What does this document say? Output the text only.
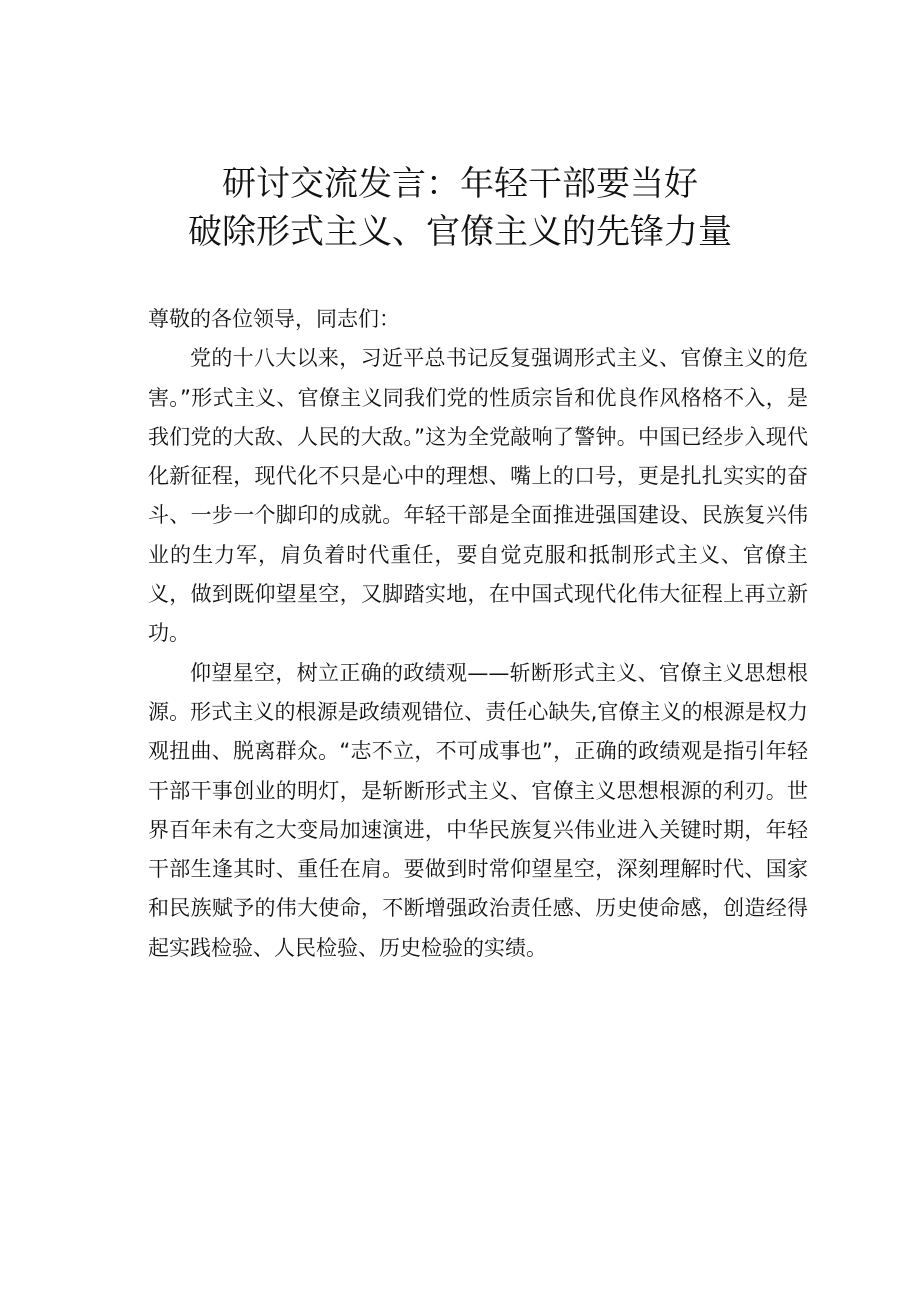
研讨交流发言：年轻干部要当好
破除形式主义、官僚主义的先锋力量

尊敬的各位领导，同志们：

党的十八大以来，习近平总书记反复强调形式主义、官僚主义的危害。”形式主义、官僚主义同我们党的性质宗旨和优良作风格格不入，是我们党的大敌、人民的大敌。”这为全党敲响了警钟。中国已经步入现代化新征程，现代化不只是心中的理想、嘴上的口号，更是扎扎实实的奋斗、一步一个脚印的成就。年轻干部是全面推进强国建设、民族复兴伟业的生力军，肩负着时代重任，要自觉克服和抵制形式主义、官僚主义，做到既仰望星空，又脚踏实地，在中国式现代化伟大征程上再立新功。

仰望星空，树立正确的政绩观——斩断形式主义、官僚主义思想根源。形式主义的根源是政绩观错位、责任心缺失,官僚主义的根源是权力观扭曲、脱离群众。“志不立，不可成事也”，正确的政绩观是指引年轻干部干事创业的明灯，是斩断形式主义、官僚主义思想根源的利刃。世界百年未有之大变局加速演进，中华民族复兴伟业进入关键时期，年轻干部生逢其时、重任在肩。要做到时常仰望星空，深刻理解时代、国家和民族赋予的伟大使命，不断增强政治责任感、历史使命感，创造经得起实践检验、人民检验、历史检验的实绩。
